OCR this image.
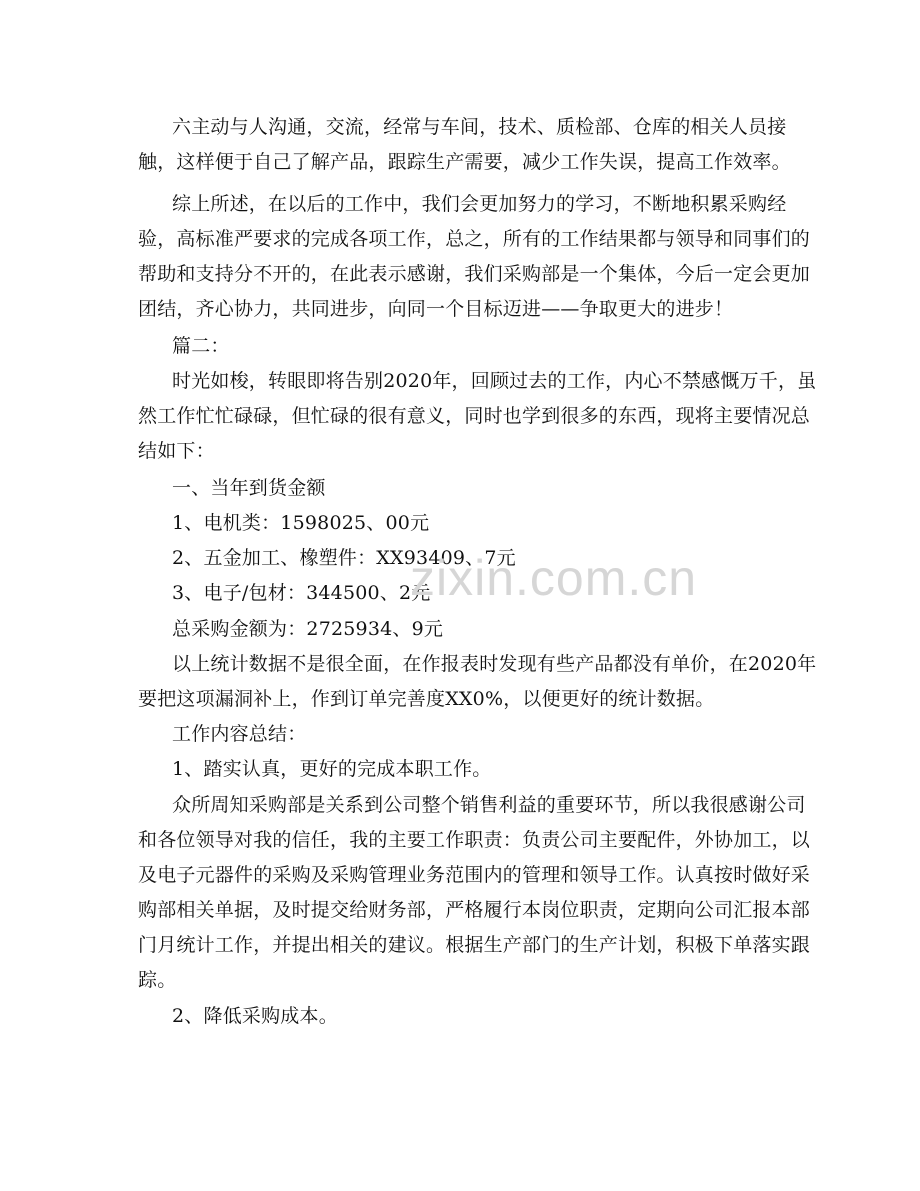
六主动与人沟通，交流，经常与车间，技术、质检部、仓库的相关人员接
触，这样便于自己了解产品，跟踪生产需要，减少工作失误，提高工作效率。
综上所述，在以后的工作中，我们会更加努力的学习，不断地积累采购经
验，高标准严要求的完成各项工作，总之，所有的工作结果都与领导和同事们的
帮助和支持分不开的，在此表示感谢，我们采购部是一个集体，今后一定会更加
团结，齐心协力，共同进步，向同一个目标迈进——争取更大的进步！
篇二：
时光如梭，转眼即将告别2020年，回顾过去的工作，内心不禁感慨万千，虽
然工作忙忙碌碌，但忙碌的很有意义，同时也学到很多的东西，现将主要情况总
结如下：
一、当年到货金额
1、电机类：1598025、00元
2、五金加工、橡塑件：XX93409、7元
3、电子/包材：344500、2元
总采购金额为：2725934、9元
以上统计数据不是很全面，在作报表时发现有些产品都没有单价，在2020年
要把这项漏洞补上，作到订单完善度XX0%，以便更好的统计数据。
工作内容总结：
1、踏实认真，更好的完成本职工作。
众所周知采购部是关系到公司整个销售利益的重要环节，所以我很感谢公司
和各位领导对我的信任，我的主要工作职责：负责公司主要配件，外协加工，以
及电子元器件的采购及采购管理业务范围内的管理和领导工作。认真按时做好采
购部相关单据，及时提交给财务部，严格履行本岗位职责，定期向公司汇报本部
门月统计工作，并提出相关的建议。根据生产部门的生产计划，积极下单落实跟
踪。
2、降低采购成本。
zixin.com.cn
